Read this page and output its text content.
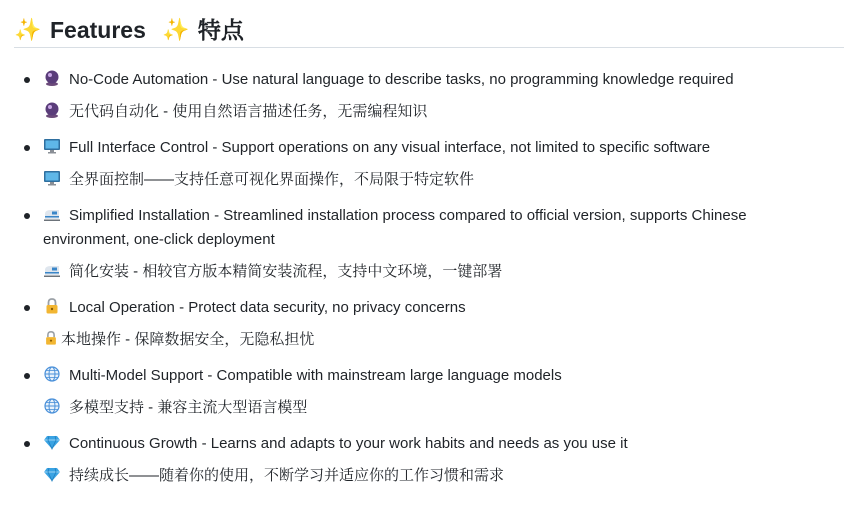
✨ Features ✨ 特点
No-Code Automation - Use natural language to describe tasks, no programming knowledge required
无代码自动化 - 使用自然语言描述任务，无需编程知识
Full Interface Control - Support operations on any visual interface, not limited to specific software
全界面控制——支持任意可视化界面操作，不局限于特定软件
Simplified Installation - Streamlined installation process compared to official version, supports Chinese environment, one-click deployment
简化安装 - 相较官方版本精简安装流程，支持中文环境，一键部署
Local Operation - Protect data security, no privacy concerns
本地操作 - 保障数据安全，无隐私担忧
Multi-Model Support - Compatible with mainstream large language models
多模型支持 - 兼容主流大型语言模型
Continuous Growth - Learns and adapts to your work habits and needs as you use it
持续成长——随着你的使用，不断学习并适应你的工作习惯和需求
